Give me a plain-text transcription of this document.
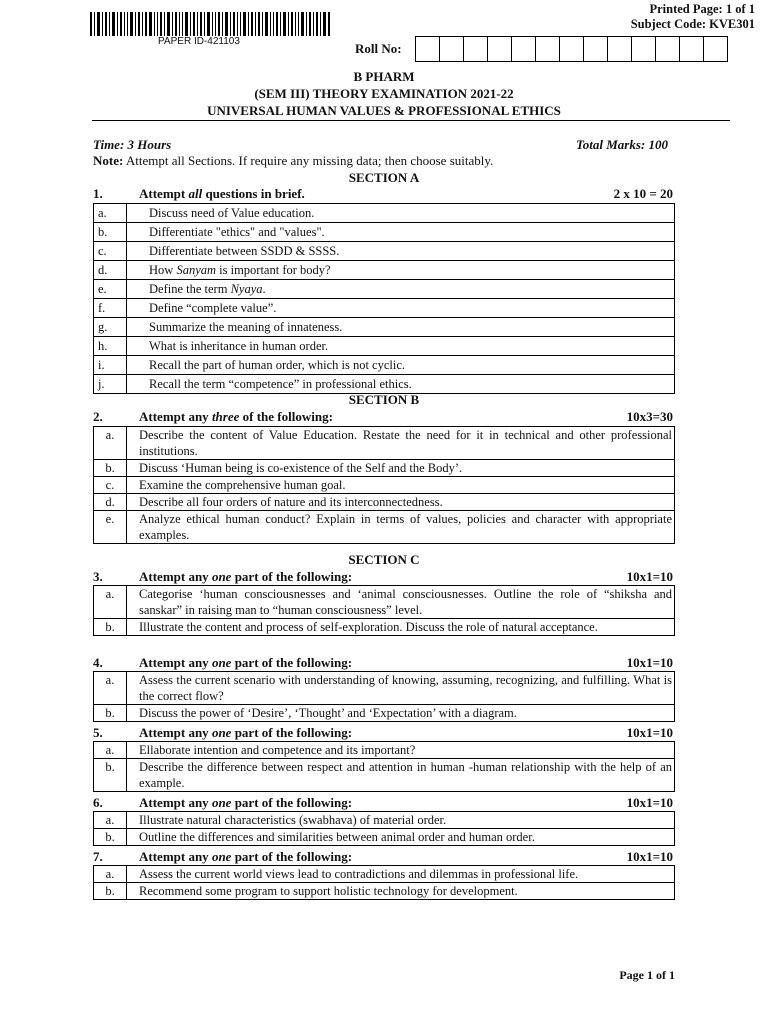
PAPER ID-421103
Printed Page: 1 of 1
Subject Code: KVE301
Roll No:
B PHARM
(SEM III) THEORY EXAMINATION 2021-22
UNIVERSAL HUMAN VALUES & PROFESSIONAL ETHICS
Time: 3 Hours	Total Marks: 100
Note: Attempt all Sections. If require any missing data; then choose suitably.
SECTION A
1.	Attempt all questions in brief.	2 x 10 = 20
a.	Discuss need of Value education.
b.	Differentiate "ethics" and "values".
c.	Differentiate between SSDD & SSSS.
d.	How Sanyam is important for body?
e.	Define the term Nyaya.
f.	Define “complete value”.
g.	Summarize the meaning of innateness.
h.	What is inheritance in human order.
i.	Recall the part of human order, which is not cyclic.
j.	Recall the term “competence” in professional ethics.
SECTION B
2.	Attempt any three of the following:	10x3=30
a.	Describe the content of Value Education. Restate the need for it in technical and other professional institutions.
b.	Discuss ‘Human being is co-existence of the Self and the Body’.
c.	Examine the comprehensive human goal.
d.	Describe all four orders of nature and its interconnectedness.
e.	Analyze ethical human conduct? Explain in terms of values, policies and character with appropriate examples.
SECTION C
3.	Attempt any one part of the following:	10x1=10
a.	Categorise ‘human consciousnesses and ‘animal consciousnesses. Outline the role of “shiksha and sanskar” in raising man to “human consciousness” level.
b.	Illustrate the content and process of self-exploration. Discuss the role of natural acceptance.
4.	Attempt any one part of the following:	10x1=10
a.	Assess the current scenario with understanding of knowing, assuming, recognizing, and fulfilling. What is the correct flow?
b.	Discuss the power of ‘Desire’, ‘Thought’ and ‘Expectation’ with a diagram.
5.	Attempt any one part of the following:	10x1=10
a.	Ellaborate intention and competence and its important?
b.	Describe the difference between respect and attention in human -human relationship with the help of an example.
6.	Attempt any one part of the following:	10x1=10
a.	Illustrate natural characteristics (swabhava) of material order.
b.	Outline the differences and similarities between animal order and human order.
7.	Attempt any one part of the following:	10x1=10
a.	Assess the current world views lead to contradictions and dilemmas in professional life.
b.	Recommend some program to support holistic technology for development.
Page 1 of 1
